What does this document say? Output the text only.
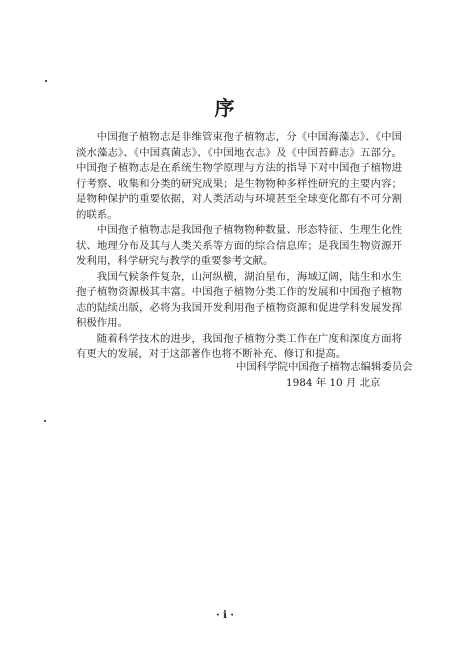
序

中国孢子植物志是非维管束孢子植物志，分《中国海藻志》、《中国淡水藻志》、《中国真菌志》、《中国地衣志》及《中国苔藓志》五部分。中国孢子植物志是在系统生物学原理与方法的指导下对中国孢子植物进行考察、收集和分类的研究成果；是生物物种多样性研究的主要内容；是物种保护的重要依据，对人类活动与环境甚至全球变化都有不可分割的联系。

中国孢子植物志是我国孢子植物物种数量、形态特征、生理生化性状、地理分布及其与人类关系等方面的综合信息库；是我国生物资源开发利用，科学研究与教学的重要参考文献。

我国气候条件复杂，山河纵横，湖泊星布，海域辽阔，陆生和水生孢子植物资源极其丰富。中国孢子植物分类工作的发展和中国孢子植物志的陆续出版，必将为我国开发利用孢子植物资源和促进学科发展发挥积极作用。

随着科学技术的进步，我国孢子植物分类工作在广度和深度方面将有更大的发展，对于这部著作也将不断补充、修订和提高。

中国科学院中国孢子植物志编辑委员会
1984 年 10 月 北京
· i ·
